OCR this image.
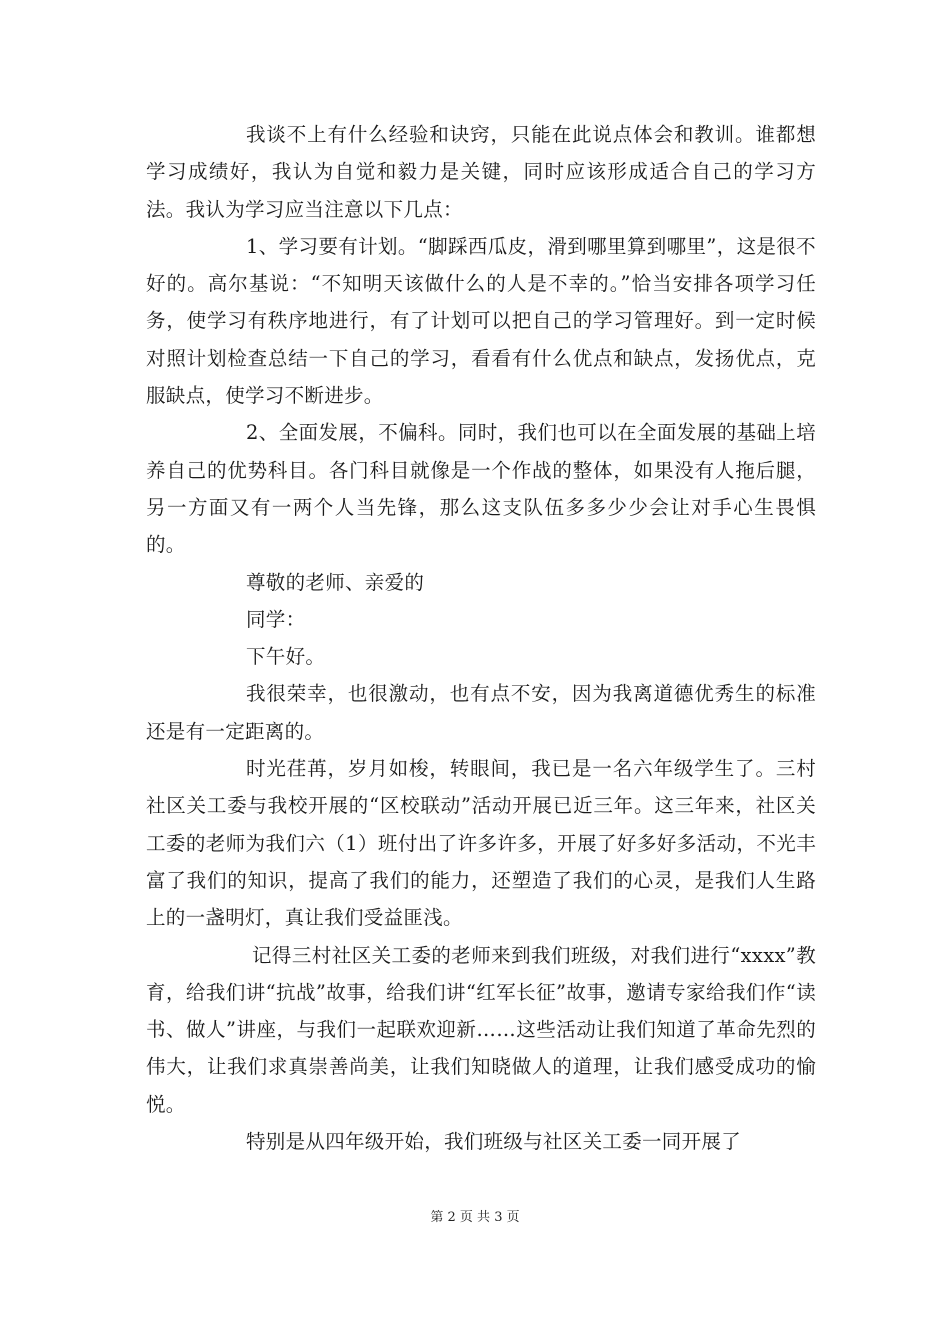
我谈不上有什么经验和诀窍，只能在此说点体会和教训。谁都想学习成绩好，我认为自觉和毅力是关键，同时应该形成适合自己的学习方法。我认为学习应当注意以下几点：

1、学习要有计划。“脚踩西瓜皮，滑到哪里算到哪里”，这是很不好的。高尔基说：“不知明天该做什么的人是不幸的。”恰当安排各项学习任务，使学习有秩序地进行，有了计划可以把自己的学习管理好。到一定时候对照计划检查总结一下自己的学习，看看有什么优点和缺点，发扬优点，克服缺点，使学习不断进步。

2、全面发展，不偏科。同时，我们也可以在全面发展的基础上培养自己的优势科目。各门科目就像是一个作战的整体，如果没有人拖后腿，另一方面又有一两个人当先锋，那么这支队伍多多少少会让对手心生畏惧的。

尊敬的老师、亲爱的

同学：

下午好。

我很荣幸，也很激动，也有点不安，因为我离道德优秀生的标准还是有一定距离的。

时光荏苒，岁月如梭，转眼间，我已是一名六年级学生了。三村社区关工委与我校开展的“区校联动”活动开展已近三年。这三年来，社区关工委的老师为我们六（1）班付出了许多许多，开展了好多好多活动，不光丰富了我们的知识，提高了我们的能力，还塑造了我们的心灵，是我们人生路上的一盏明灯，真让我们受益匪浅。

记得三村社区关工委的老师来到我们班级，对我们进行“xxxx”教育，给我们讲“抗战”故事，给我们讲“红军长征”故事，邀请专家给我们作“读书、做人”讲座，与我们一起联欢迎新……这些活动让我们知道了革命先烈的伟大，让我们求真崇善尚美，让我们知晓做人的道理，让我们感受成功的愉悦。

特别是从四年级开始，我们班级与社区关工委一同开展了

第 2 页 共 3 页
